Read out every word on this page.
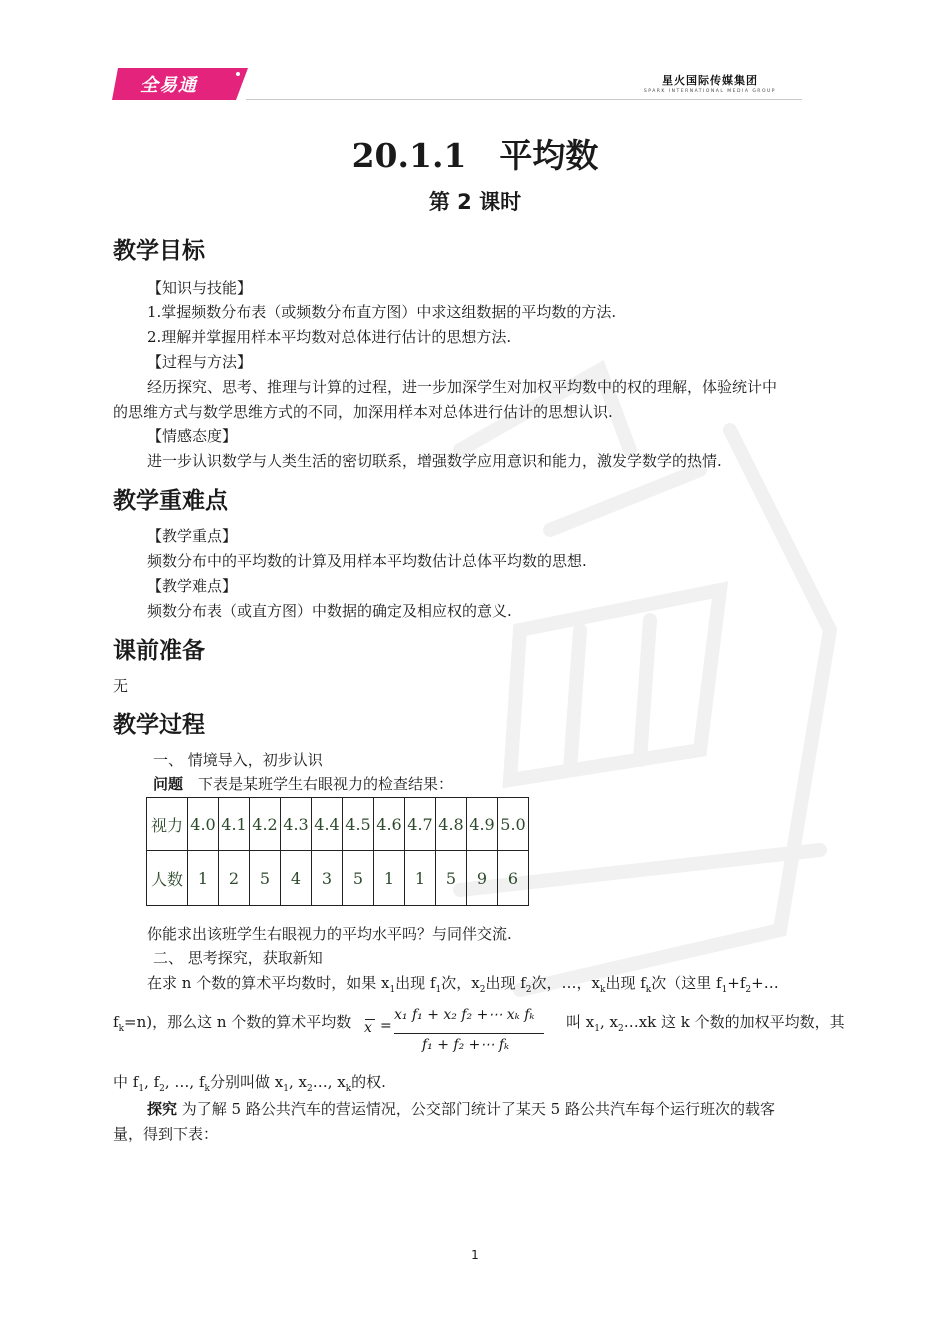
全易通	星火国际传媒集团
SPARK INTERNATIONAL MEDIA GROUP
20.1.1　平均数
第 2 课时
教学目标
【知识与技能】
1.掌握频数分布表（或频数分布直方图）中求这组数据的平均数的方法.
2.理解并掌握用样本平均数对总体进行估计的思想方法.
【过程与方法】
经历探究、思考、推理与计算的过程，进一步加深学生对加权平均数中的权的理解，体验统计中
的思维方式与数学思维方式的不同，加深用样本对总体进行估计的思想认识.
【情感态度】
进一步认识数学与人类生活的密切联系，增强数学应用意识和能力，激发学数学的热情.
教学重难点
【教学重点】
频数分布中的平均数的计算及用样本平均数估计总体平均数的思想.
【教学难点】
频数分布表（或直方图）中数据的确定及相应权的意义.
课前准备
无
教学过程
一、 情境导入，初步认识
问题　下表是某班学生右眼视力的检查结果：
视力	4.0	4.1	4.2	4.3	4.4	4.5	4.6	4.7	4.8	4.9	5.0
人数	1	2	5	4	3	5	1	1	5	9	6
你能求出该班学生右眼视力的平均水平吗？与同伴交流.
二、 思考探究，获取新知
在求 n 个数的算术平均数时，如果 $x_1$出现 $f_1$次，$x_2$出现 $f_2$次，…，$x_k$出现 $f_k$次（这里 $f_1+f_2+\dots$
$f_k=n$)，那么这 n 个数的算术平均数 x =
x₁ f₁ + x₂ f₂ +⋯ xₖ fₖ
f₁ + f₂ +⋯ fₖ
叫 $x_1$, $x_2\dots xk$ 这 k 个数的加权平均数，其
中 $f_1$, $f_2$, …, $f_k$分别叫做 $x_1$, $x_2\dots$, $x_k$的权.
探究 为了解 5 路公共汽车的营运情况，公交部门统计了某天 5 路公共汽车每个运行班次的载客
量，得到下表：
1
